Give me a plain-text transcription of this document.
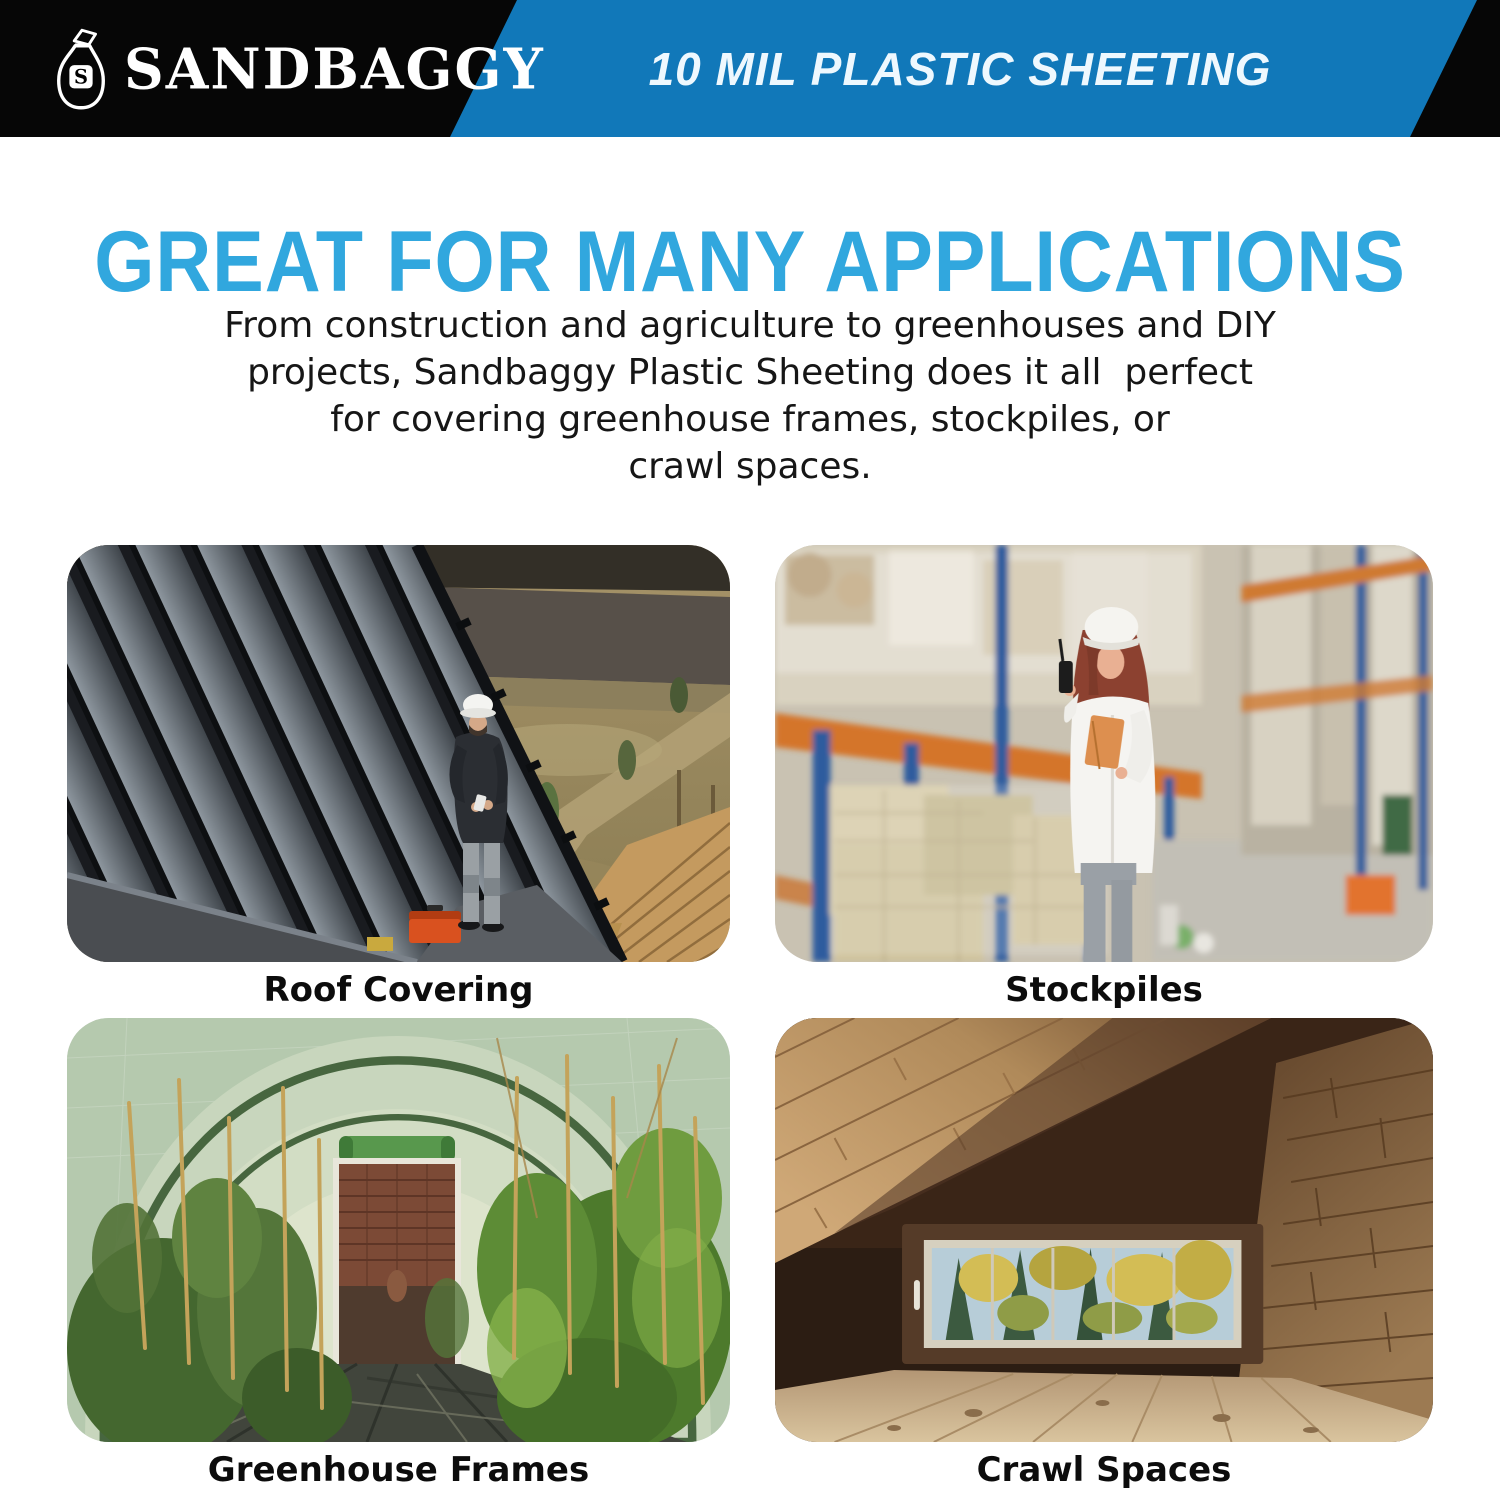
10 MIL PLASTIC SHEETING
S SANDBAGGY
GREAT FOR MANY APPLICATIONS
From construction and agriculture to greenhouses and DIY
projects, Sandbaggy Plastic Sheeting does it all  perfect
for covering greenhouse frames, stockpiles, or
crawl spaces.
Roof Covering	Stockpiles
Greenhouse Frames	Crawl Spaces
